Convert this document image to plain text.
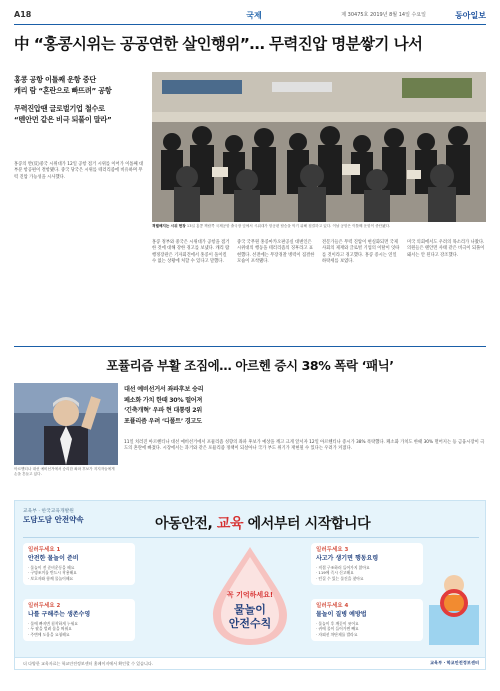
A18	국제	제 30475호 2019년 8월 14일 수요일	동아일보
中 “홍콩시위는 공공연한 살인행위”… 무력진압 명분쌓기 나서
홍콩 공항 이틀째 운항 중단
캐리 람 “혼란으로 빠뜨려” 공항
무력진압땐 글로벌기업 철수로
“톈안먼 같은 비극 되풀이 말라”

홍콩의 반(反)중국 시위대가 12일 공항 점거 시위를 이어가 이틀째 대부분 항공편이 결항됐다. 중국 당국은 시위를 테러리즘에 비유하며 무력 진압 가능성을 시사했다.

격렬해지는 시위 현장 13일 홍콩 첵랍콕 국제공항 출국장 앞에서 시위대가 항공편 탑승을 막기 위해 집결하고 있다. 이날 공항은 이틀째 운항이 중단됐다.

홍콩 정부와 중국은 시위대가 공항을 점거한 것에 대해 강한 경고를 보냈다. 캐리 람 행정장관은 기자회견에서 홍콩이 돌이킬 수 없는 상황에 처할 수 있다고 말했다.

중국 국무원 홍콩마카오판공실 대변인은 시위대의 행동을 테러리즘의 징후라고 표현했다. 선전에는 무장경찰 병력이 집결한 모습이 포착됐다.

전문가들은 무력 진압이 현실화되면 국제사회의 제재와 글로벌 기업의 이탈이 잇따를 것이라고 경고했다. 홍콩 증시는 연일 하락세를 보였다.

미국 의회에서도 우려의 목소리가 나왔다. 의원들은 톈안먼 사태 같은 비극이 되풀이돼서는 안 된다고 강조했다.

포퓰리즘 부활 조짐에… 아르헨 증시 38% 폭락 ‘패닉’

아르헨티나 대선 예비선거에서 승리한 좌파 후보가 지지자들에게 손을 흔들고 있다.

대선 예비선거서 좌파후보 승리
페소화 가치 한때 30% 떨어져
‘긴축개혁’ 우파 현 대통령 2위
포퓰리즘 우려 ‘디폴트’ 경고도

11일 치러진 아르헨티나 대선 예비선거에서 포퓰리즘 성향의 좌파 후보가 예상을 깨고 크게 앞서자 12일 아르헨티나 증시가 38% 폭락했다. 페소화 가치도 한때 30% 떨어지는 등 금융시장이 극도의 혼란에 빠졌다. 시장에서는 과거와 같은 포퓰리즘 정책이 되살아나 국가 부도 위기가 재현될 수 있다는 우려가 커졌다.

교육부 · 한국교육개발원
도담도담 안전약속	아동안전, 교육 에서부터 시작합니다
일러두세요 1
안전한 물놀이 준비
· 물놀이 전 준비운동을 해요
· 구명조끼를 반드시 착용해요
· 보호자와 함께 물놀이해요
일러두세요 2
나를 구해주는 생존수영
· 물에 빠지면 침착하게 누워요
· 두 팔을 벌려 몸을 띄워요
· 주변에 도움을 요청해요
꼭 기억하세요!
물놀이
안전수칙
일러두세요 3
사고가 생기면 행동요령
· 직접 구조하러 들어가지 않아요
· 119에 즉시 신고해요
· 던질 수 있는 물건을 찾아요
일러두세요 4
물놀이 질병 예방법
· 물놀이 후 깨끗이 씻어요
· 귀에 물이 들어가면 빼요
· 자외선 차단제를 발라요
더 다양한 교육자료는 학교안전정보센터 홈페이지에서 확인할 수 있습니다.	교육부 · 학교안전정보센터
